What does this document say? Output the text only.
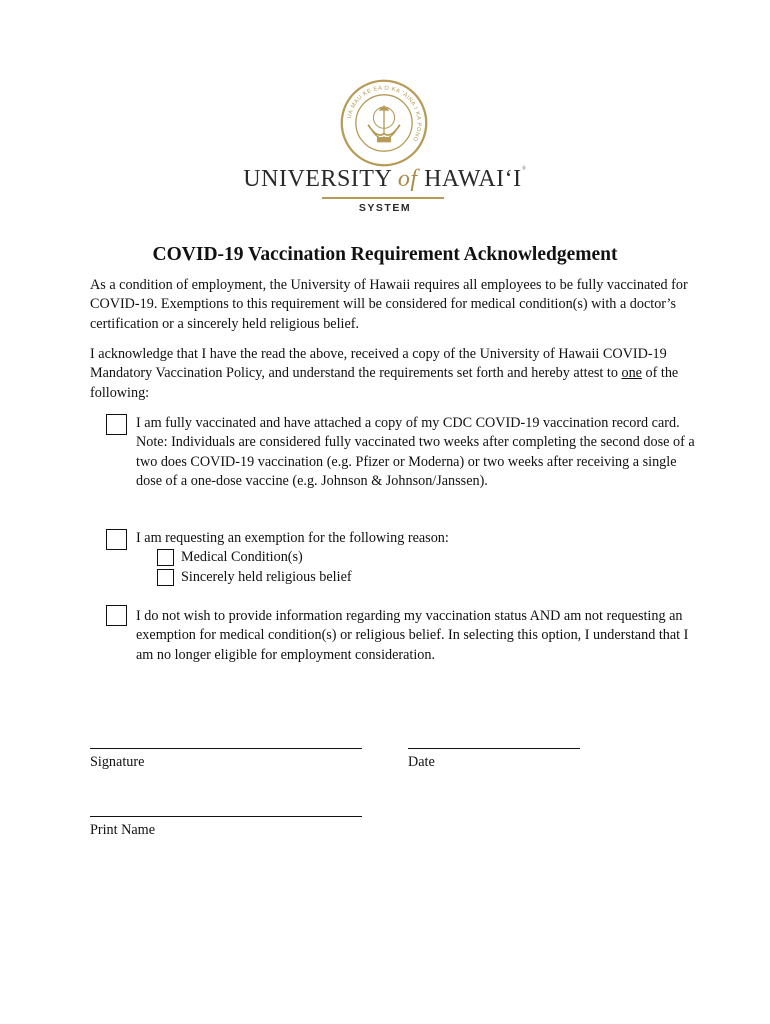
UA MAU KE EA O KA ʻĀINA I KA PONO
UNIVERSITY of HAWAIʻI®
SYSTEM
COVID-19 Vaccination Requirement Acknowledgement

As a condition of employment, the University of Hawaii requires all employees to be fully vaccinated for COVID-19. Exemptions to this requirement will be considered for medical condition(s) with a doctor’s certification or a sincerely held religious belief.

I acknowledge that I have the read the above, received a copy of the University of Hawaii COVID-19 Mandatory Vaccination Policy, and understand the requirements set forth and hereby attest to one of the following:

I am fully vaccinated and have attached a copy of my CDC COVID-19 vaccination record card. Note: Individuals are considered fully vaccinated two weeks after completing the second dose of a two does COVID-19 vaccination (e.g. Pfizer or Moderna) or two weeks after receiving a single dose of a one-dose vaccine (e.g. Johnson & Johnson/Janssen).

I am requesting an exemption for the following reason:

Medical Condition(s)
Sincerely held religious belief

I do not wish to provide information regarding my vaccination status AND am not requesting an exemption for medical condition(s) or religious belief. In selecting this option, I understand that I am no longer eligible for employment consideration.

Signature	Date
Print Name
